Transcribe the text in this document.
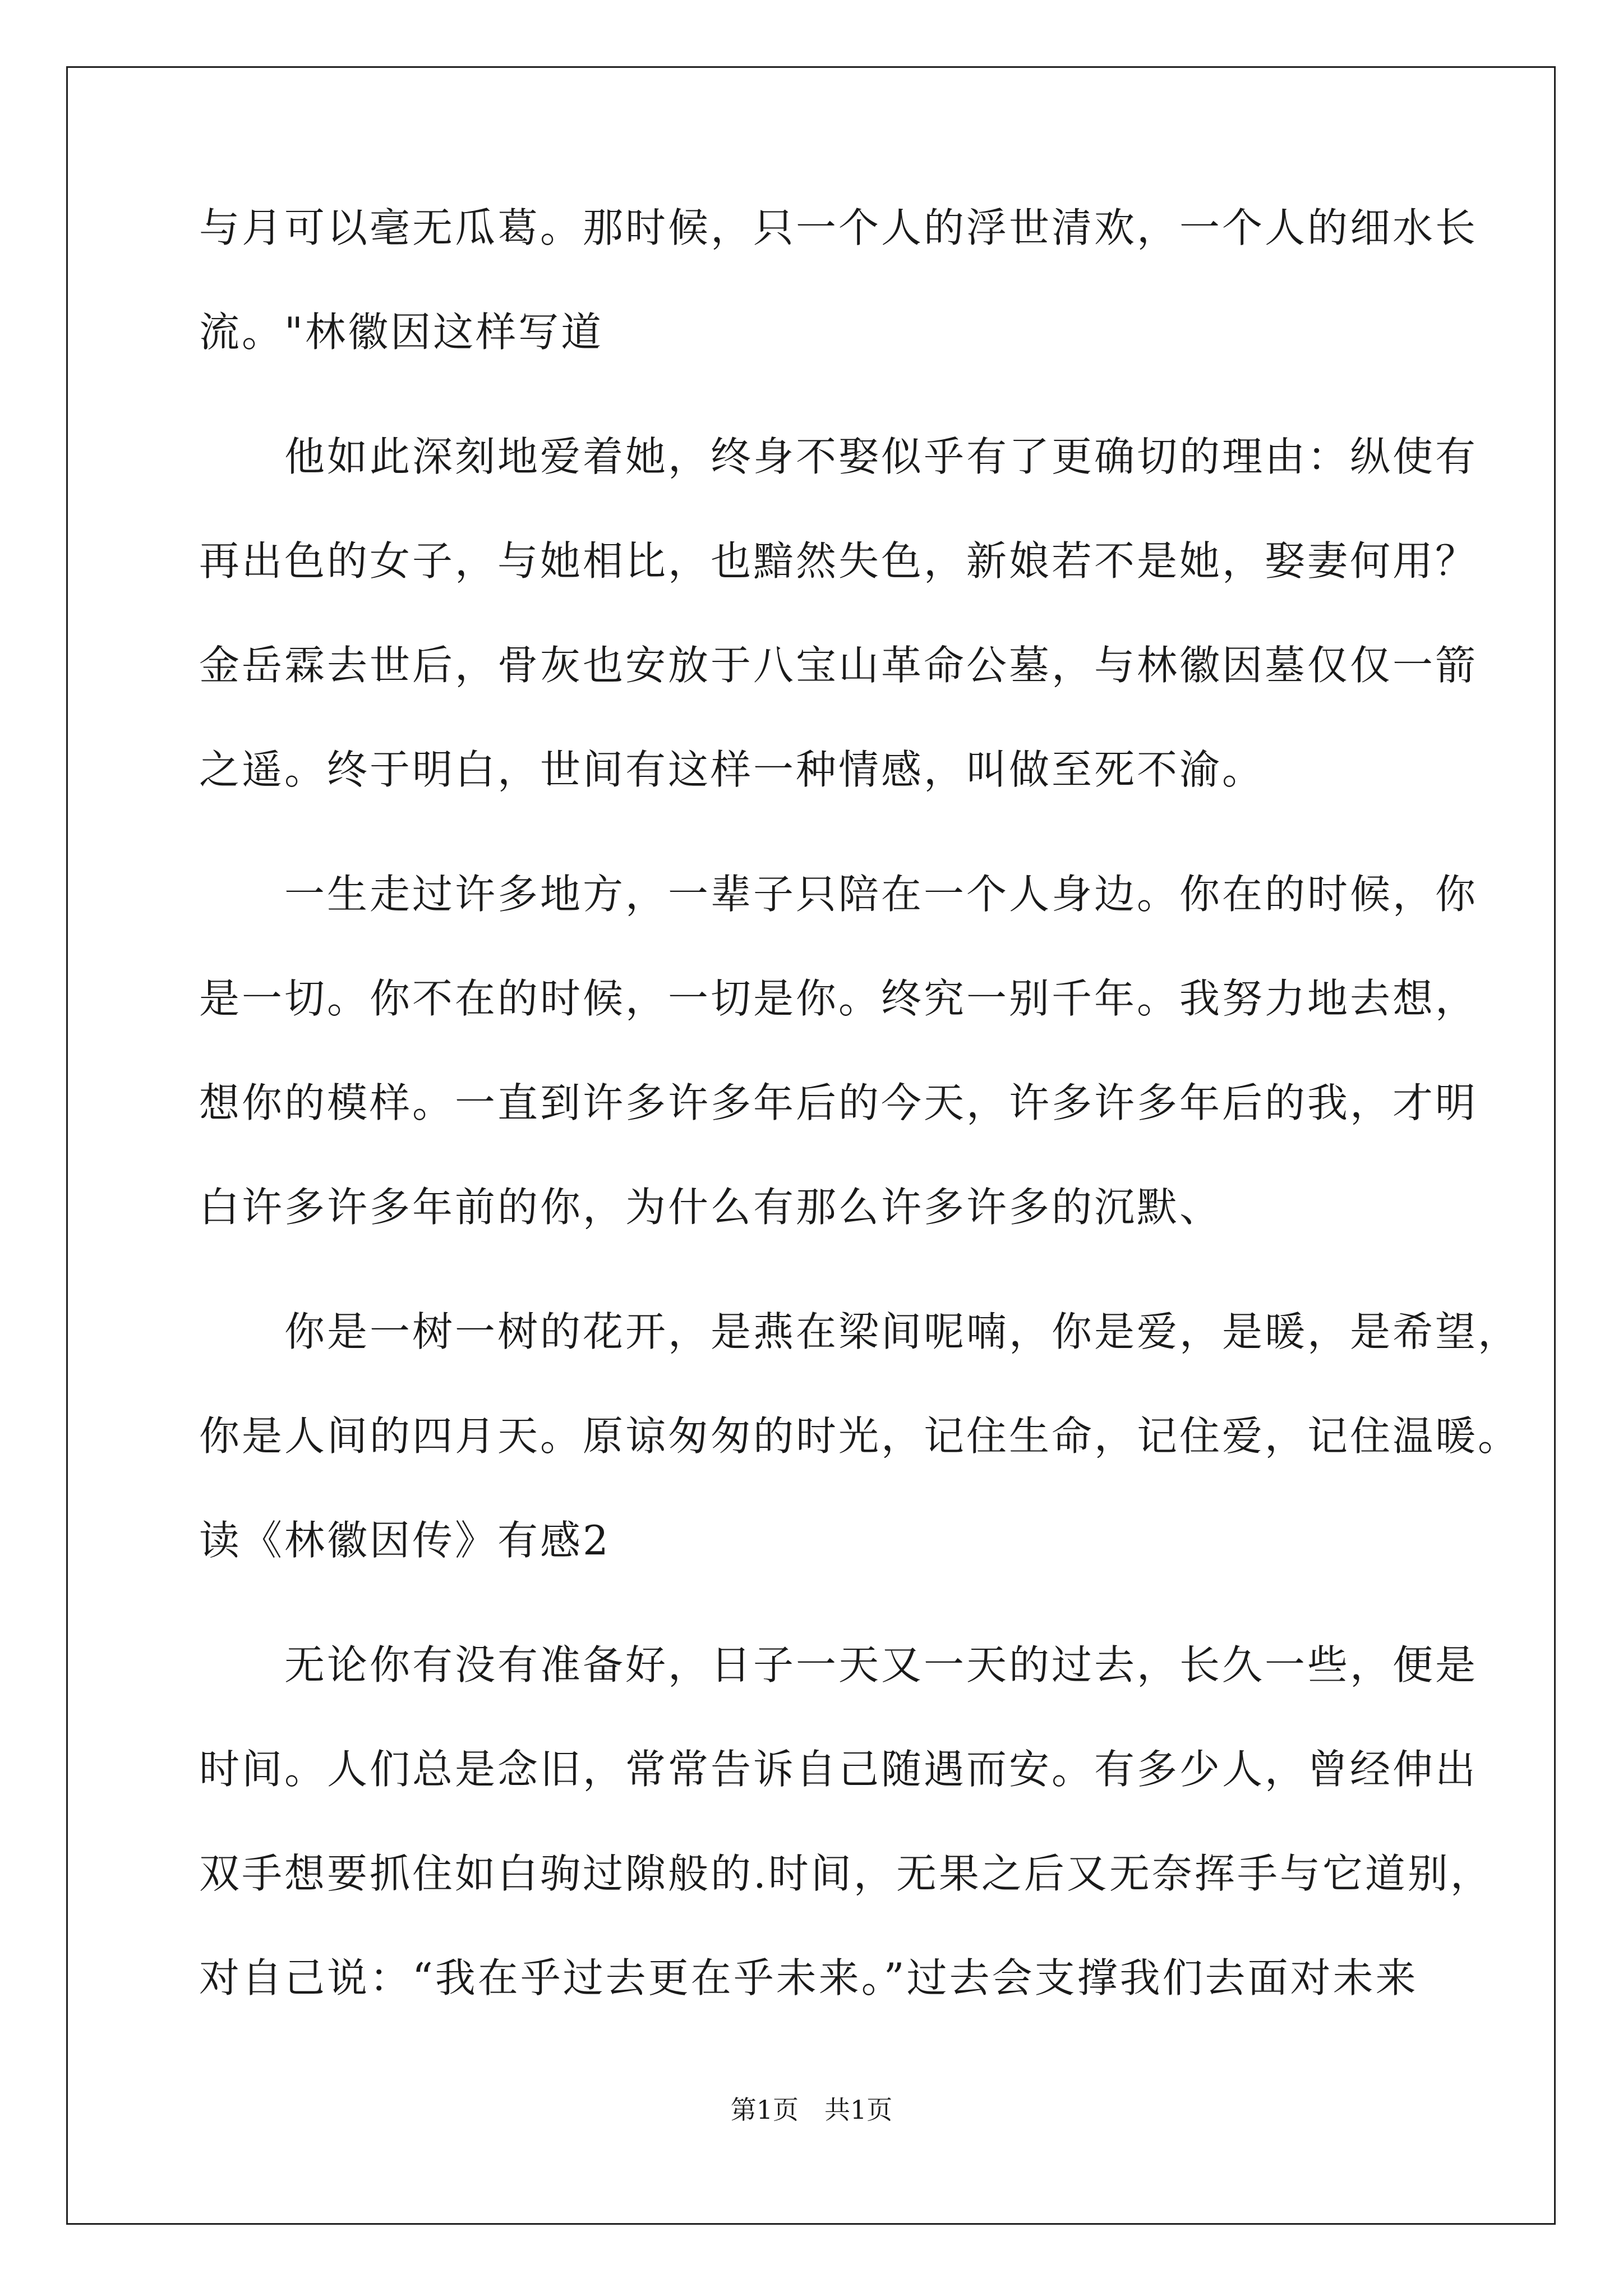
与月可以毫无瓜葛。那时候，只一个人的浮世清欢，一个人的细水长
流。"林徽因这样写道
　　他如此深刻地爱着她，终身不娶似乎有了更确切的理由：纵使有
再出色的女子，与她相比，也黯然失色，新娘若不是她，娶妻何用？
金岳霖去世后，骨灰也安放于八宝山革命公墓，与林徽因墓仅仅一箭
之遥。终于明白，世间有这样一种情感，叫做至死不渝。
　　一生走过许多地方，一辈子只陪在一个人身边。你在的时候，你
是一切。你不在的时候，一切是你。终究一别千年。我努力地去想，
想你的模样。一直到许多许多年后的今天，许多许多年后的我，才明
白许多许多年前的你，为什么有那么许多许多的沉默、
　　你是一树一树的花开，是燕在梁间呢喃，你是爱，是暖，是希望，
你是人间的四月天。原谅匆匆的时光，记住生命，记住爱，记住温暖。
读《林徽因传》有感2
　　无论你有没有准备好，日子一天又一天的过去，长久一些，便是
时间。人们总是念旧，常常告诉自己随遇而安。有多少人，曾经伸出
双手想要抓住如白驹过隙般的.时间，无果之后又无奈挥手与它道别，
对自己说：“我在乎过去更在乎未来。”过去会支撑我们去面对未来
第1页　共1页
